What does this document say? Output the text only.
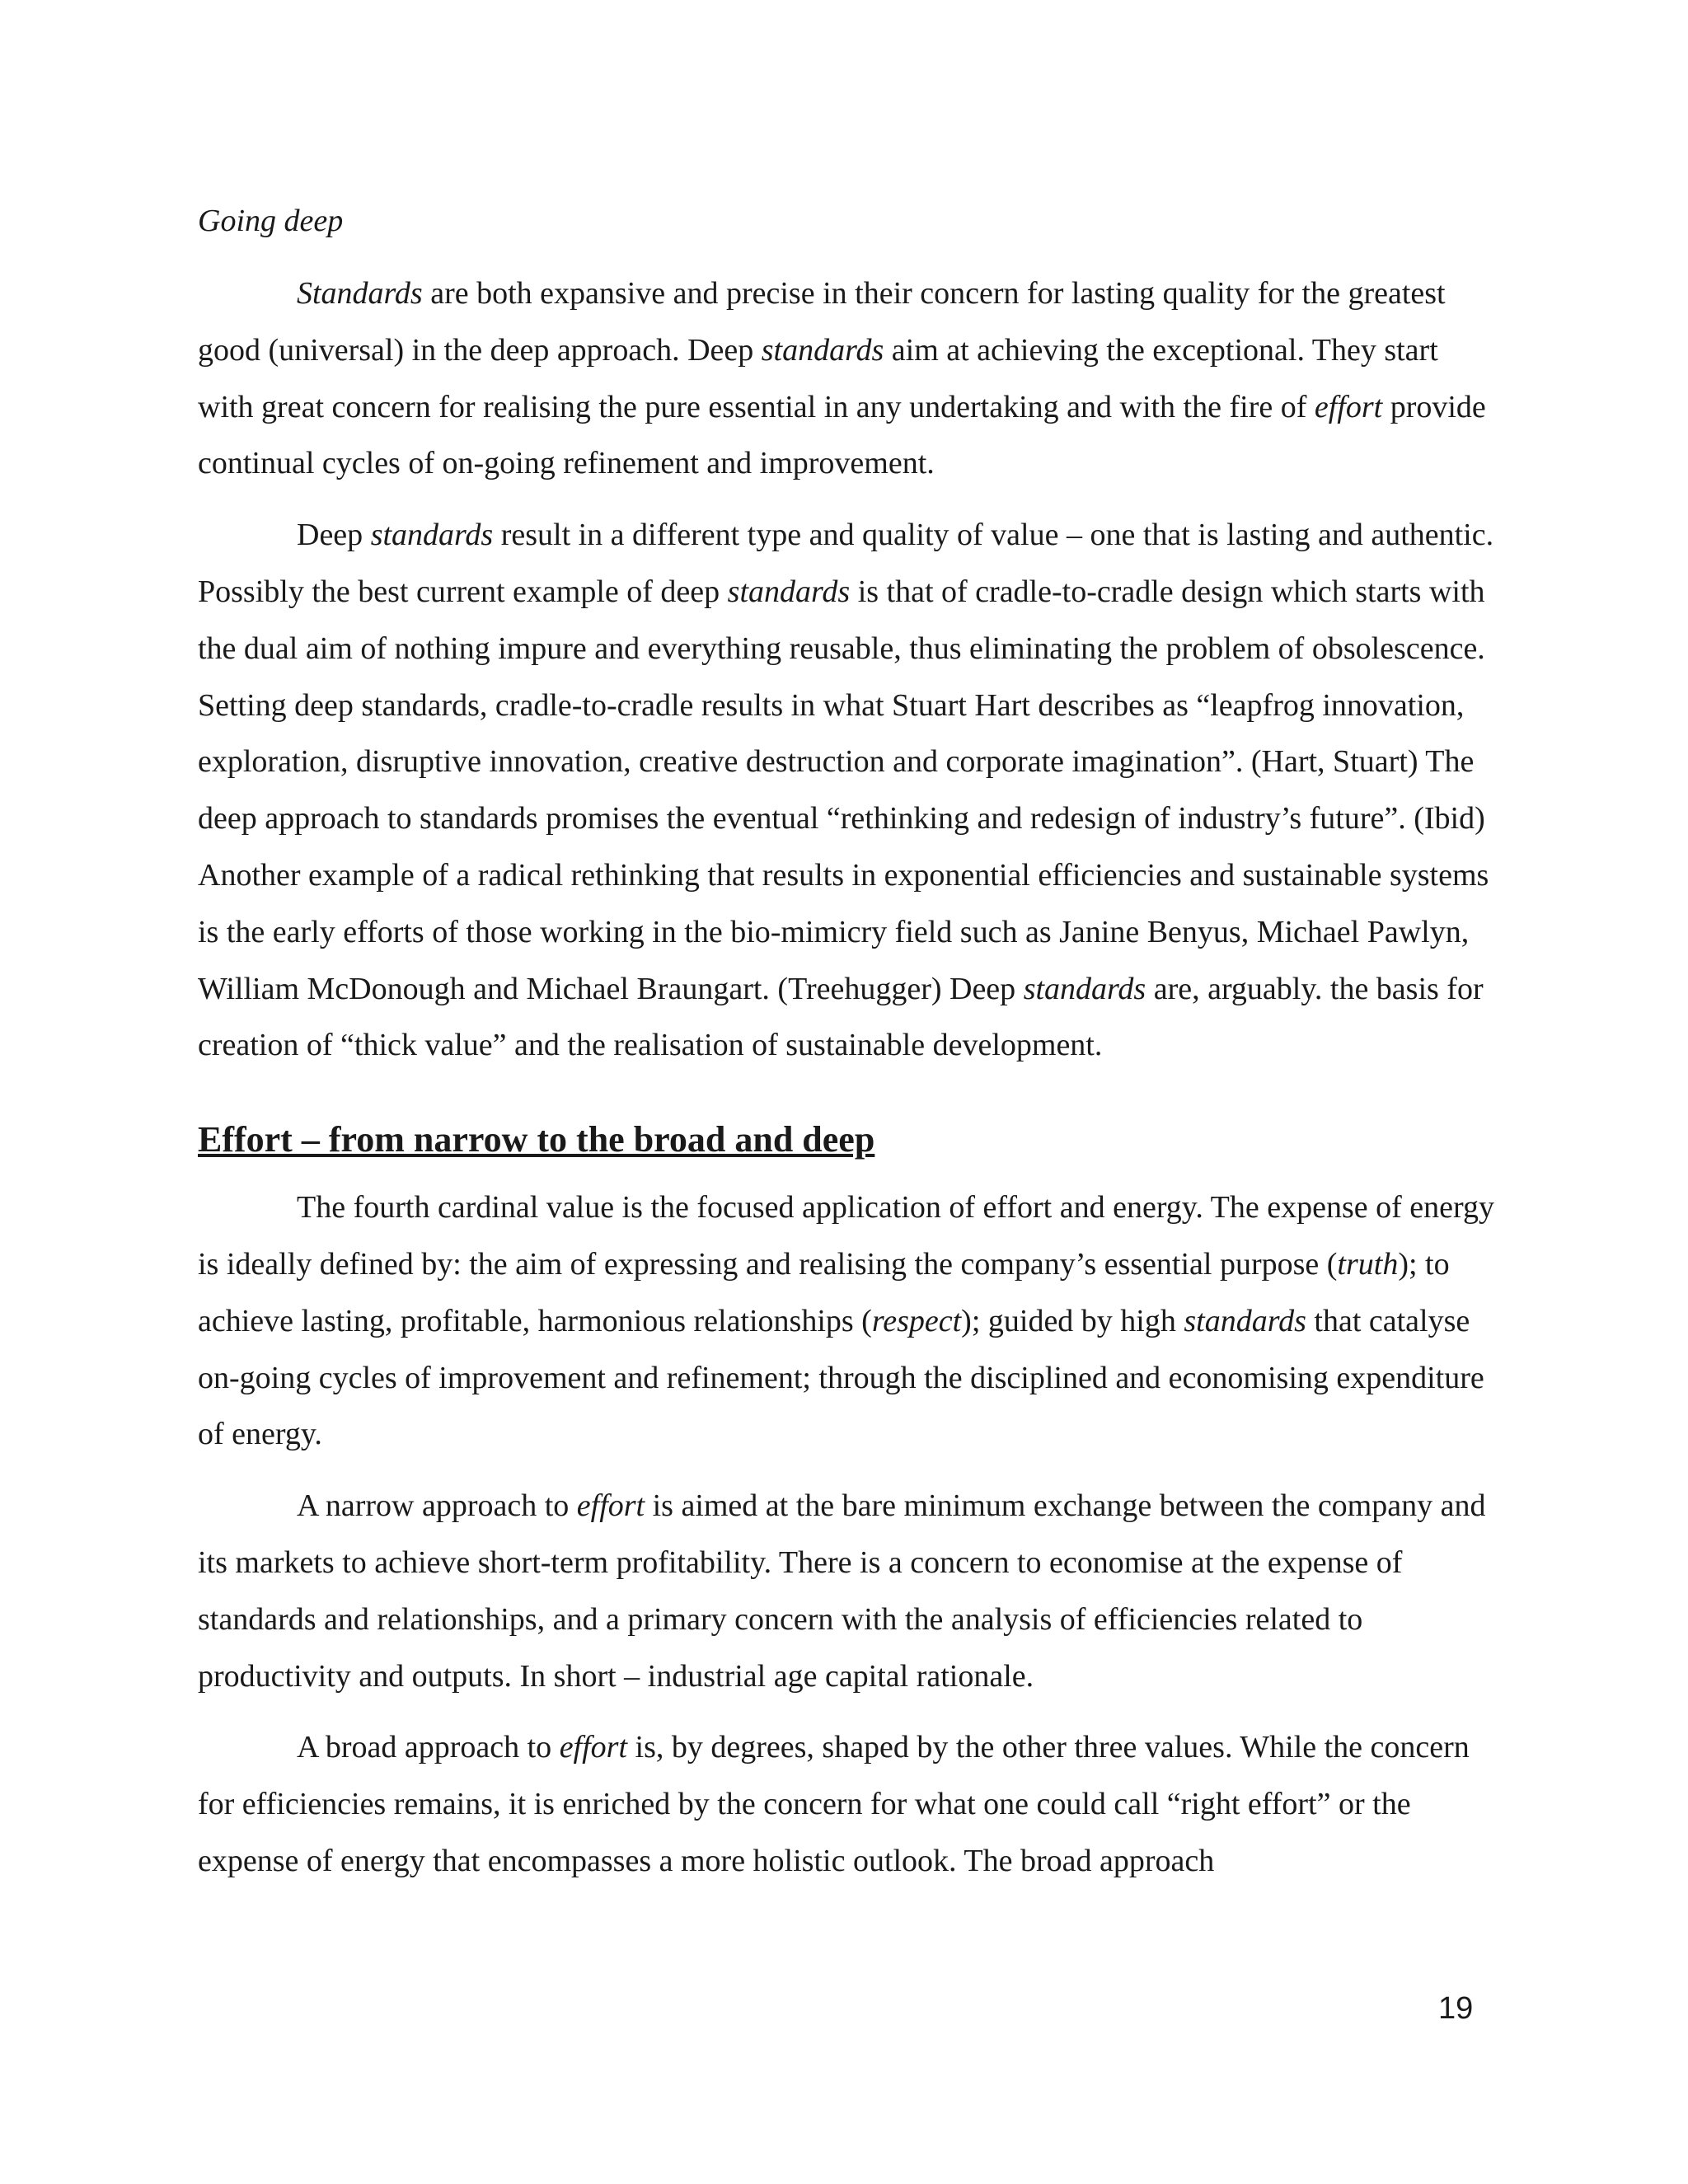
Going deep

Standards are both expansive and precise in their concern for lasting quality for the greatest good (universal) in the deep approach. Deep standards aim at achieving the exceptional. They start with great concern for realising the pure essential in any undertaking and with the fire of effort provide continual cycles of on-going refinement and improvement.

Deep standards result in a different type and quality of value – one that is lasting and authentic. Possibly the best current example of deep standards is that of cradle-to-cradle design which starts with the dual aim of nothing impure and everything reusable, thus eliminating the problem of obsolescence. Setting deep standards, cradle-to-cradle results in what Stuart Hart describes as “leapfrog innovation, exploration, disruptive innovation, creative destruction and corporate imagination”. (Hart, Stuart) The deep approach to standards promises the eventual “rethinking and redesign of industry’s future”. (Ibid) Another example of a radical rethinking that results in exponential efficiencies and sustainable systems is the early efforts of those working in the bio-mimicry field such as Janine Benyus, Michael Pawlyn, William McDonough and Michael Braungart. (Treehugger) Deep standards are, arguably. the basis for creation of “thick value” and the realisation of sustainable development.

Effort – from narrow to the broad and deep

The fourth cardinal value is the focused application of effort and energy. The expense of energy is ideally defined by: the aim of expressing and realising the company’s essential purpose (truth); to achieve lasting, profitable, harmonious relationships (respect); guided by high standards that catalyse on-going cycles of improvement and refinement; through the disciplined and economising expenditure of energy.

A narrow approach to effort is aimed at the bare minimum exchange between the company and its markets to achieve short-term profitability. There is a concern to economise at the expense of standards and relationships, and a primary concern with the analysis of efficiencies related to productivity and outputs. In short – industrial age capital rationale.

A broad approach to effort is, by degrees, shaped by the other three values. While the concern for efficiencies remains, it is enriched by the concern for what one could call “right effort” or the expense of energy that encompasses a more holistic outlook. The broad approach

19
